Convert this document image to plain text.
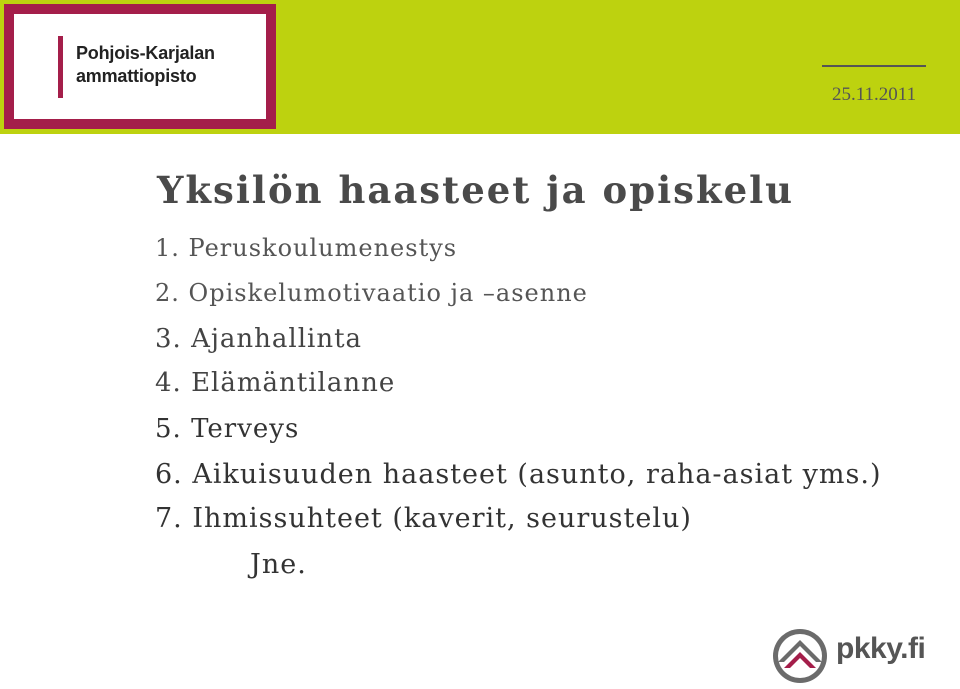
Pohjois-Karjalan
ammattiopisto
25.11.2011
Yksilön haasteet ja opiskelu
1. Peruskoulumenestys
2. Opiskelumotivaatio ja –asenne
3. Ajanhallinta
4. Elämäntilanne
5. Terveys
6. Aikuisuuden haasteet (asunto, raha-asiat yms.)
7. Ihmissuhteet (kaverit, seurustelu)
Jne.
pkky.fi
